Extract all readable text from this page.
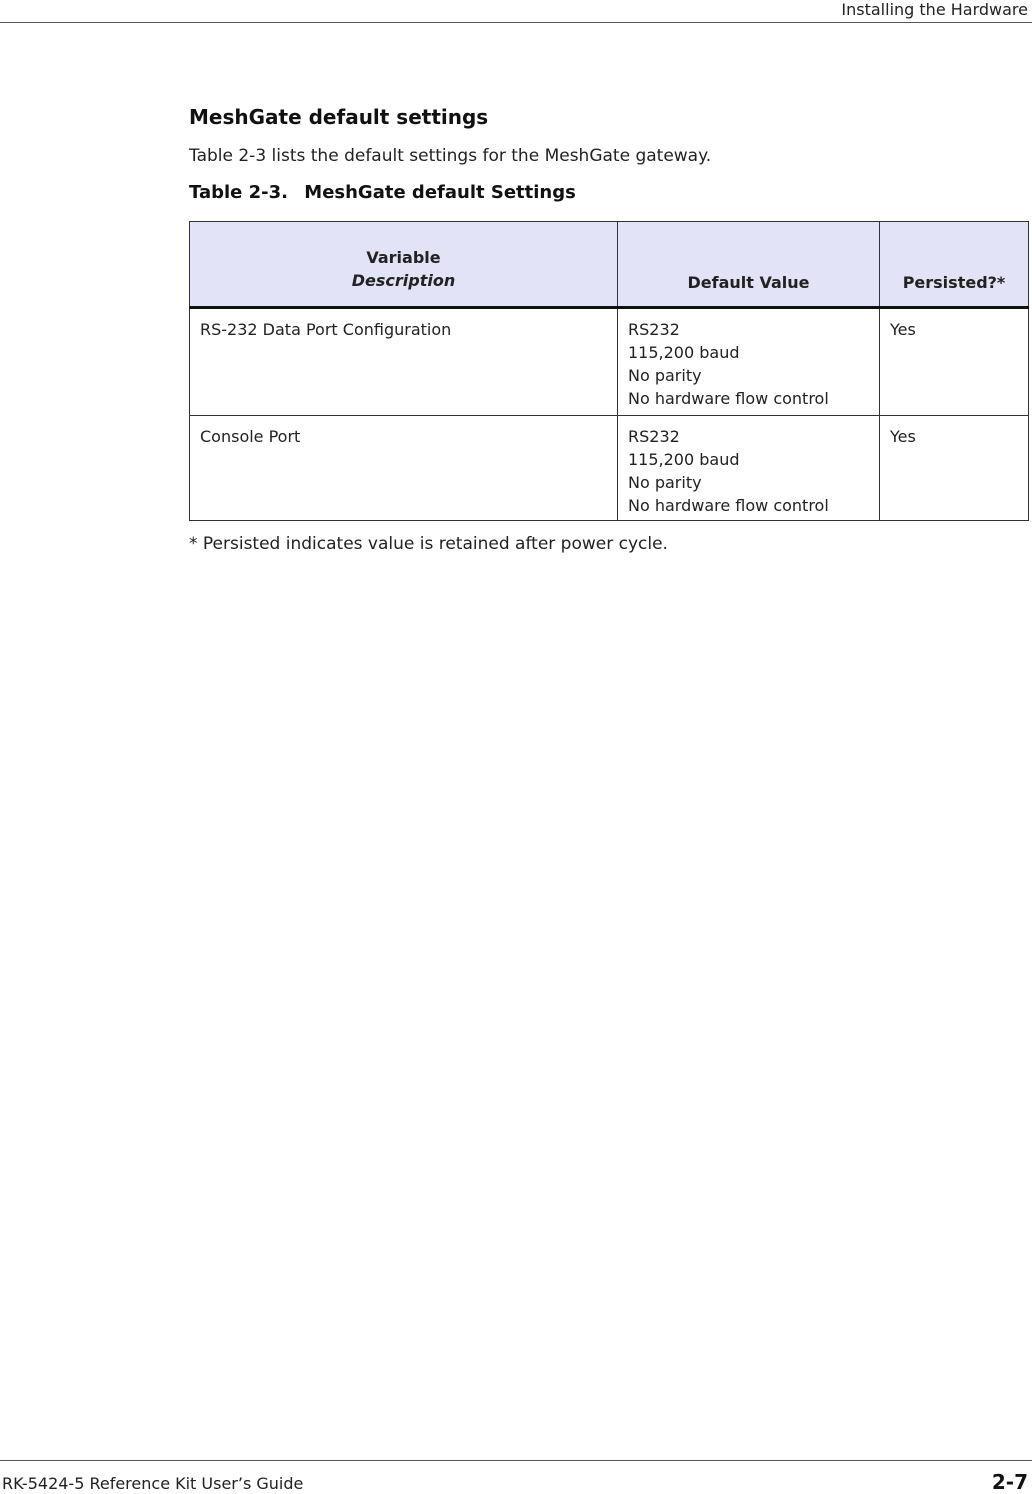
Installing the Hardware
MeshGate default settings
Table 2-3 lists the default settings for the MeshGate gateway.
Table 2-3. MeshGate default Settings
Variable
Description	Default Value	Persisted?*
RS-232 Data Port Configuration	RS232
115,200 baud
No parity
No hardware flow control	Yes
Console Port	RS232
115,200 baud
No parity
No hardware flow control	Yes
* Persisted indicates value is retained after power cycle.
RK-5424-5 Reference Kit User’s Guide	2-7
